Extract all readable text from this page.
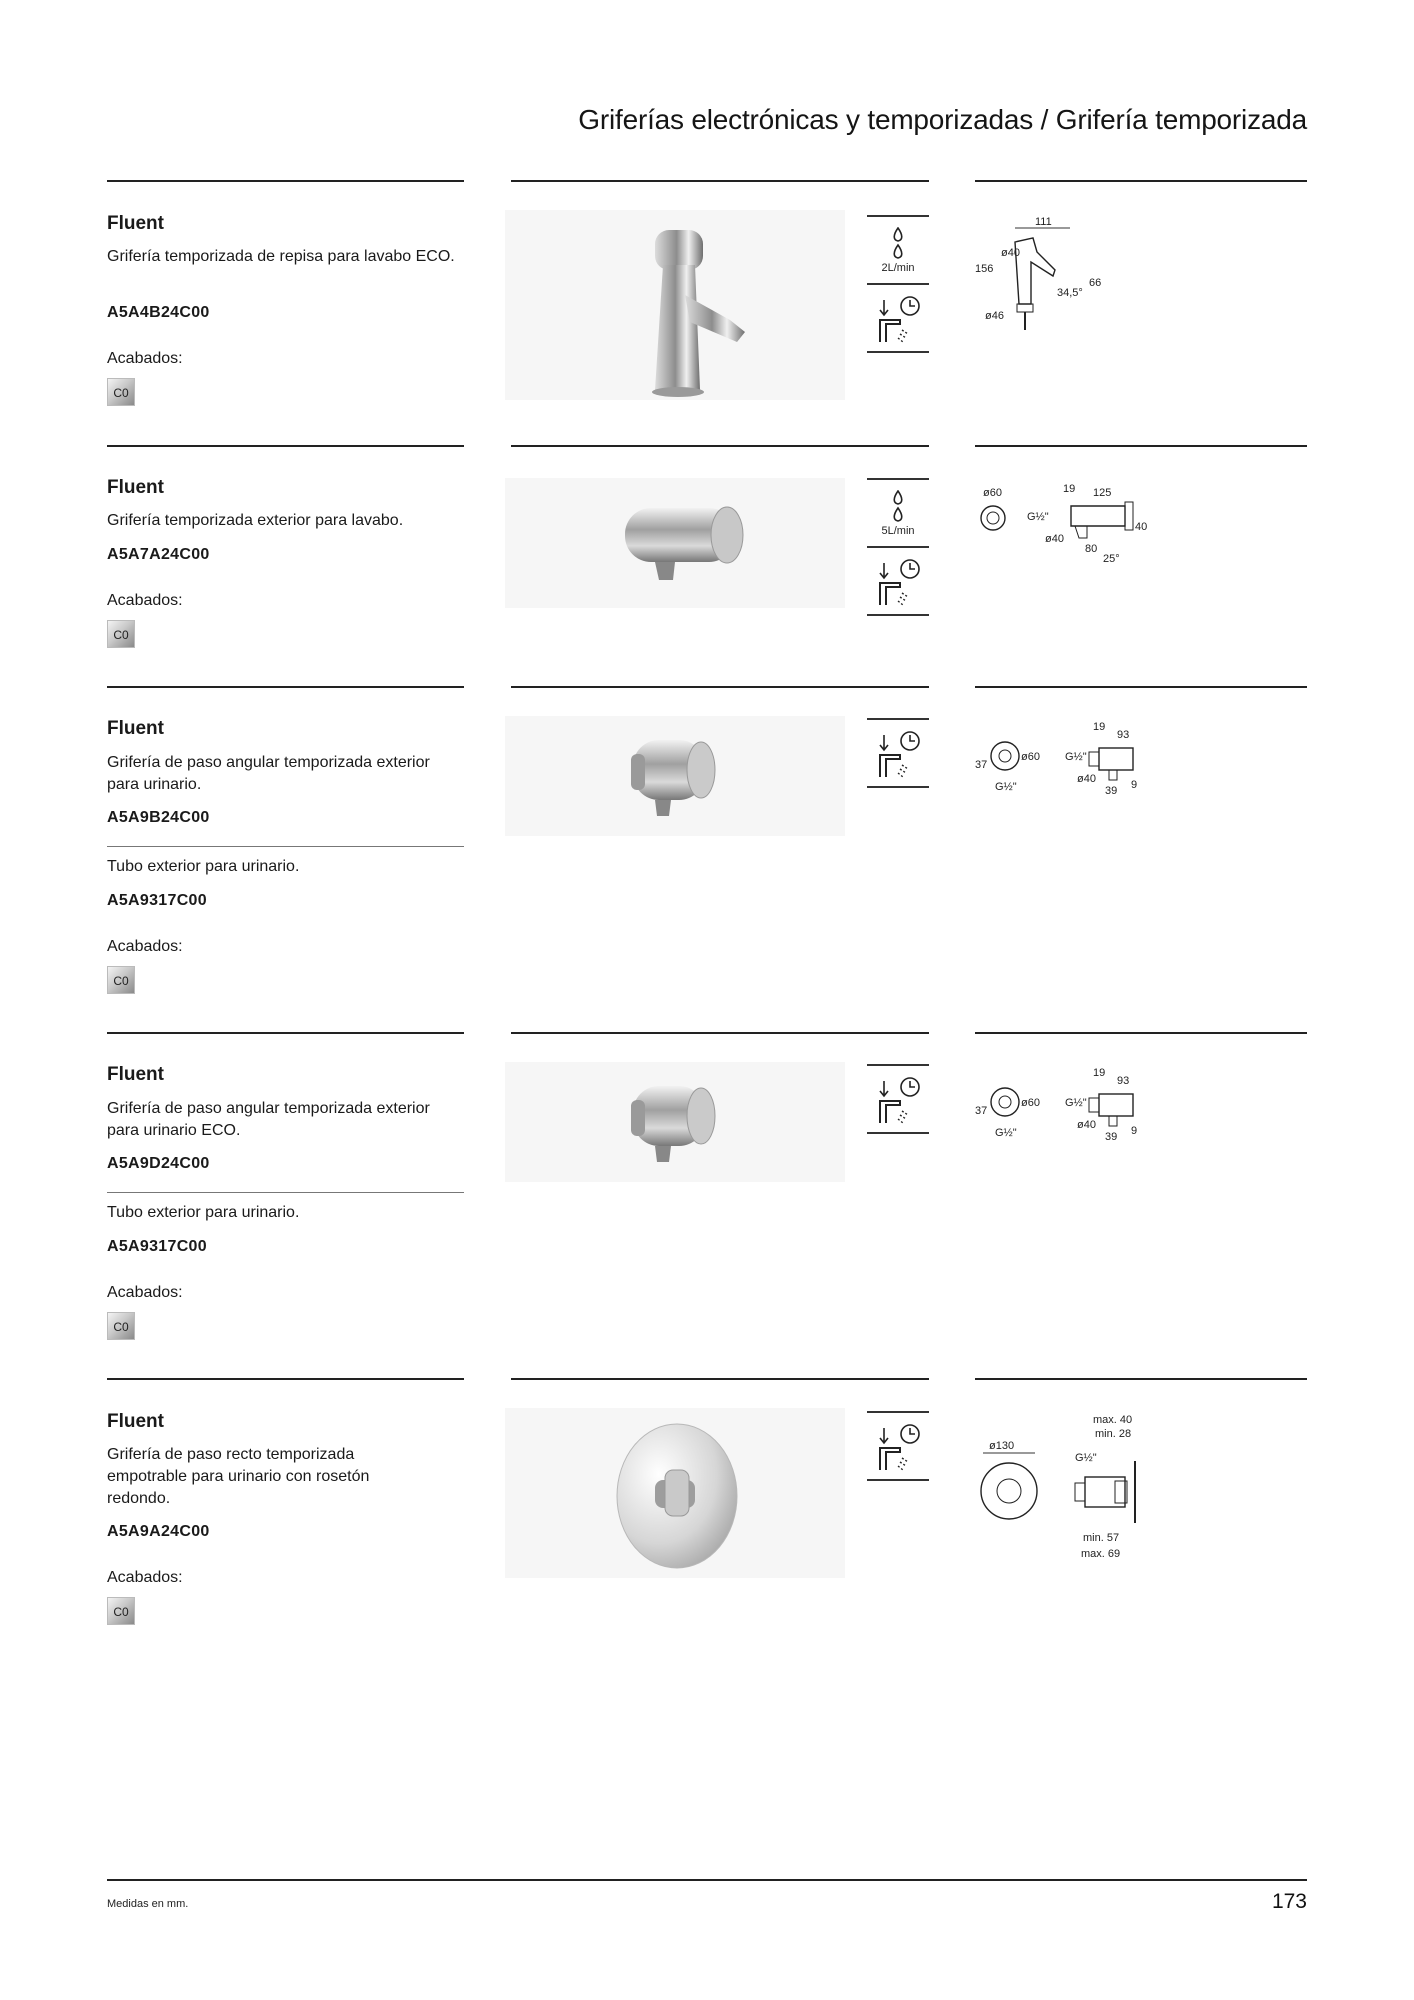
Griferías electrónicas y temporizadas / Grifería temporizada
Fluent
Grifería temporizada de repisa para lavabo ECO.
A5A4B24C00
Acabados:
C0
2L/min
111
ø40
156
34,5°
66
ø46
Fluent
Grifería temporizada exterior para lavabo.
A5A7A24C00
Acabados:
C0
5L/min
ø60	19 125
G½"
40
ø40
80
25°
Fluent
Grifería de paso angular temporizada exterior para urinario.
A5A9B24C00
Tubo exterior para urinario.
A5A9317C00
Acabados:
C0
37
ø60
G½"
19
93
G½"
ø40
39 9
Fluent
Grifería de paso angular temporizada exterior para urinario ECO.
A5A9D24C00
Tubo exterior para urinario.
A5A9317C00
Acabados:
C0
37
ø60
G½"
19
93
G½"
ø40
39 9
Fluent
Grifería de paso recto temporizada empotrable para urinario con rosetón redondo.
A5A9A24C00
Acabados:
C0
max. 40
min. 28
ø130
G½"
min. 57
max. 69
Medidas en mm.	173
